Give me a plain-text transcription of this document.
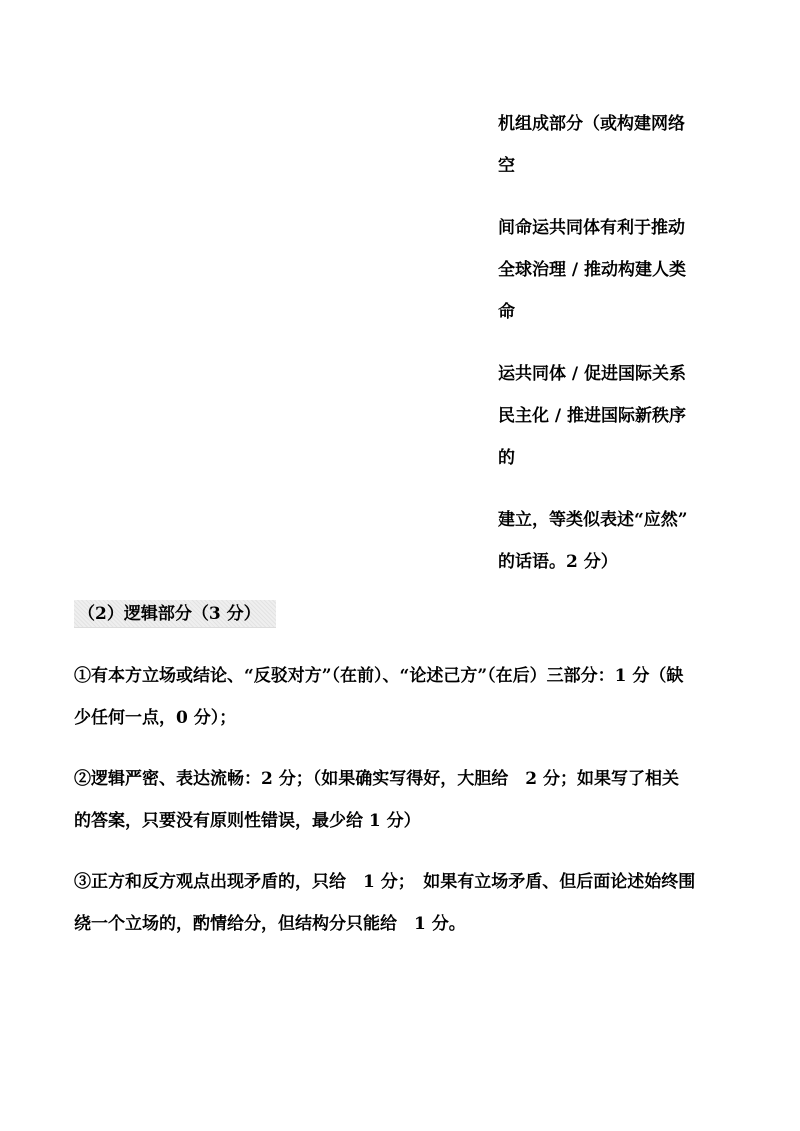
机组成部分（或构建网络

空

间命运共同体有利于推动

全球治理 / 推动构建人类

命

运共同体 / 促进国际关系

民主化 / 推进国际新秩序

的

建立，等类似表述“应然”

的话语。2 分）

（2）逻辑部分（3 分）

①有本方立场或结论、“反驳对方”（在前）、“论述己方”（在后）三部分：1 分（缺
少任何一点，0 分）；

②逻辑严密、表达流畅：2 分；（如果确实写得好，大胆给　2 分；如果写了相关
的答案，只要没有原则性错误，最少给 1 分）

③正方和反方观点出现矛盾的，只给　1 分；　如果有立场矛盾、但后面论述始终围
绕一个立场的，酌情给分，但结构分只能给　1 分。
